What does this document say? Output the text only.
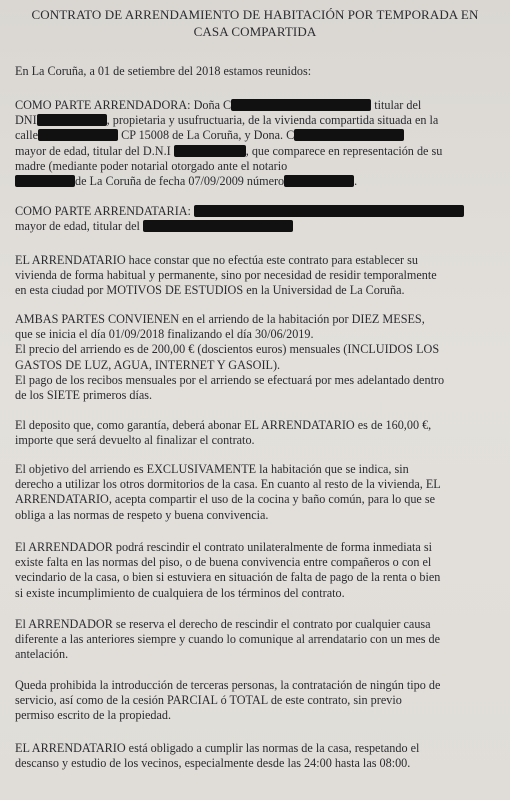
CONTRATO DE ARRENDAMIENTO DE HABITACIÓN POR TEMPORADA EN
CASA COMPARTIDA
En La Coruña, a 01 de setiembre del 2018 estamos reunidos:
COMO PARTE ARRENDADORA: Doña C	titular del
DNI	, propietaria y usufructuaria, de la vivienda compartida situada en la
calle	CP 15008 de La Coruña, y Dona. C
mayor de edad, titular del D.N.I	, que comparece en representación de su
madre (mediante poder notarial otorgado ante el notario
de La Coruña de fecha 07/09/2009 número	.
COMO PARTE ARRENDATARIA:
mayor de edad, titular del
EL ARRENDATARIO hace constar que no efectúa este contrato para establecer su
vivienda de forma habitual y permanente, sino por necesidad de residir temporalmente
en esta ciudad por MOTIVOS DE ESTUDIOS en la Universidad de La Coruña.
AMBAS PARTES CONVIENEN en el arriendo de la habitación por DIEZ MESES,
que se inicia el día 01/09/2018 finalizando el día 30/06/2019.
El precio del arriendo es de 200,00 € (doscientos euros) mensuales (INCLUIDOS LOS
GASTOS DE LUZ, AGUA, INTERNET Y GASOIL).
El pago de los recibos mensuales por el arriendo se efectuará por mes adelantado dentro
de los SIETE primeros días.
El deposito que, como garantía, deberá abonar EL ARRENDATARIO es de 160,00 €,
importe que será devuelto al finalizar el contrato.
El objetivo del arriendo es EXCLUSIVAMENTE la habitación que se indica, sin
derecho a utilizar los otros dormitorios de la casa. En cuanto al resto de la vivienda, EL
ARRENDATARIO, acepta compartir el uso de la cocina y baño común, para lo que se
obliga a las normas de respeto y buena convivencia.
El ARRENDADOR podrá rescindir el contrato unilateralmente de forma inmediata si
existe falta en las normas del piso, o de buena convivencia entre compañeros o con el
vecindario de la casa, o bien si estuviera en situación de falta de pago de la renta o bien
si existe incumplimiento de cualquiera de los términos del contrato.
El ARRENDADOR se reserva el derecho de rescindir el contrato por cualquier causa
diferente a las anteriores siempre y cuando lo comunique al arrendatario con un mes de
antelación.
Queda prohibida la introducción de terceras personas, la contratación de ningún tipo de
servicio, así como de la cesión PARCIAL ó TOTAL de este contrato, sin previo
permiso escrito de la propiedad.
EL ARRENDATARIO está obligado a cumplir las normas de la casa, respetando el
descanso y estudio de los vecinos, especialmente desde las 24:00 hasta las 08:00.
